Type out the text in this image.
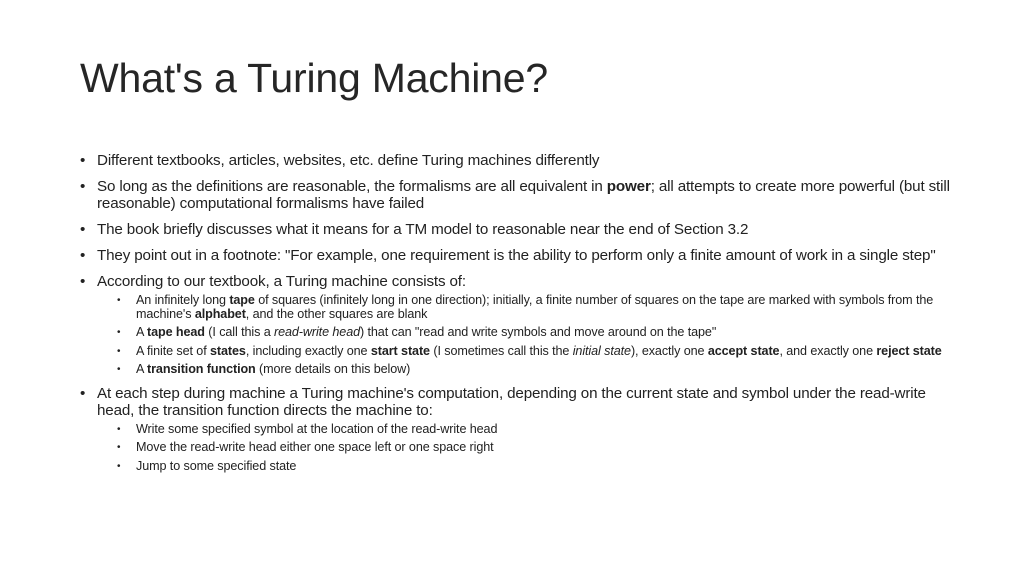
What's a Turing Machine?
• Different textbooks, articles, websites, etc. define Turing machines differently
• So long as the definitions are reasonable, the formalisms are all equivalent in power; all attempts to create more powerful (but still reasonable) computational formalisms have failed
• The book briefly discusses what it means for a TM model to reasonable near the end of Section 3.2
• They point out in a footnote: "For example, one requirement is the ability to perform only a finite amount of work in a single step"
• According to our textbook, a Turing machine consists of:
• An infinitely long tape of squares (infinitely long in one direction); initially, a finite number of squares on the tape are marked with symbols from the machine's alphabet, and the other squares are blank
• A tape head (I call this a read-write head) that can "read and write symbols and move around on the tape"
• A finite set of states, including exactly one start state (I sometimes call this the initial state), exactly one accept state, and exactly one reject state
• A transition function (more details on this below)
• At each step during machine a Turing machine's computation, depending on the current state and symbol under the read-write head, the transition function directs the machine to:
• Write some specified symbol at the location of the read-write head
• Move the read-write head either one space left or one space right
• Jump to some specified state
